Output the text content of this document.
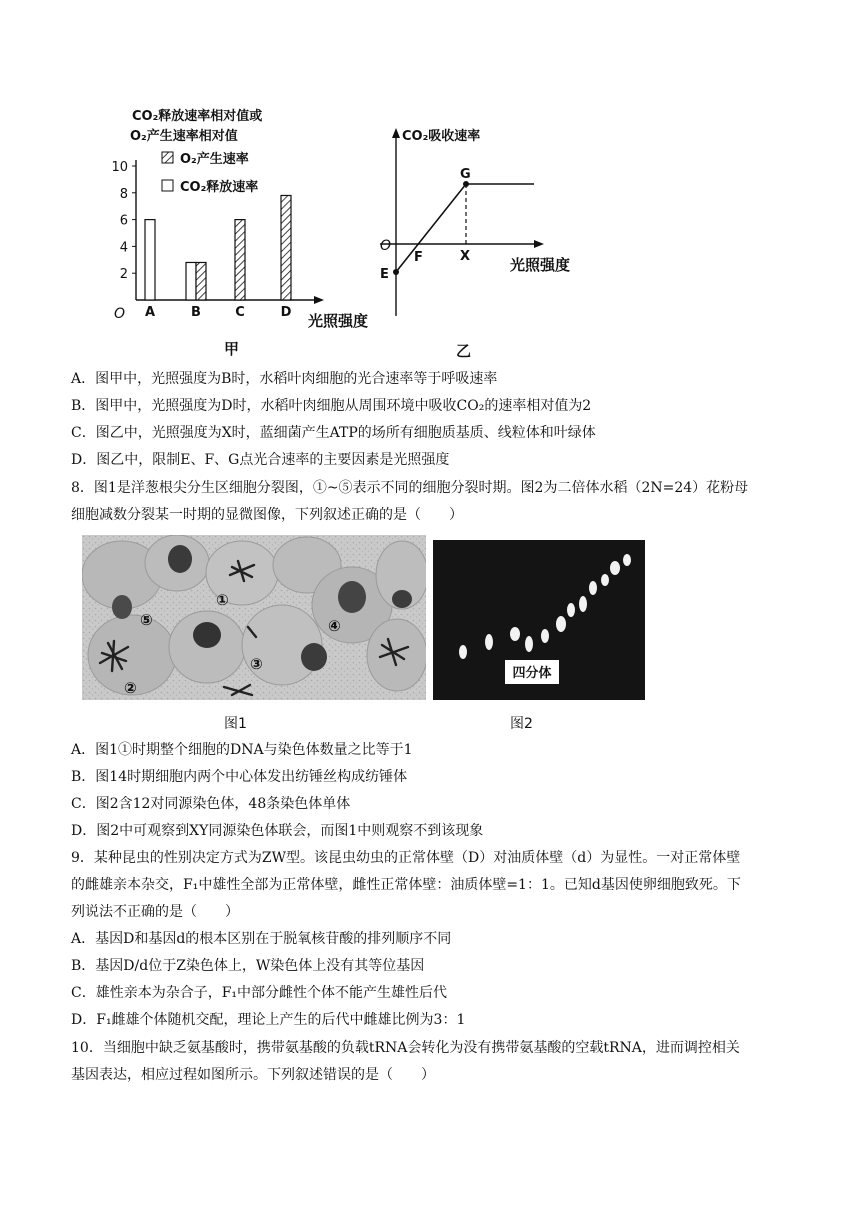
CO₂释放速率相对值或
O₂产生速率相对值
O₂产生速率
CO₂释放速率
2
4
6
8
10
A	B	C	D 光照强度
O
甲
CO₂吸收速率
O
E
F
G
X	光照强度
乙
A．图甲中，光照强度为B时，水稻叶肉细胞的光合速率等于呼吸速率
B．图甲中，光照强度为D时，水稻叶肉细胞从周围环境中吸收CO₂的速率相对值为2
C．图乙中，光照强度为X时，蓝细菌产生ATP的场所有细胞质基质、线粒体和叶绿体
D．图乙中，限制E、F、G点光合速率的主要因素是光照强度
8．图1是洋葱根尖分生区细胞分裂图，①~⑤表示不同的细胞分裂时期。图2为二倍体水稻（2N=24）花粉母
细胞减数分裂某一时期的显微图像，下列叙述正确的是（　　）
①
②
③
④
⑤
四分体
图1	图2
A．图1①时期整个细胞的DNA与染色体数量之比等于1
B．图14时期细胞内两个中心体发出纺锤丝构成纺锤体
C．图2含12对同源染色体，48条染色体单体
D．图2中可观察到XY同源染色体联会，而图1中则观察不到该现象
9．某种昆虫的性别决定方式为ZW型。该昆虫幼虫的正常体壁（D）对油质体壁（d）为显性。一对正常体壁
的雌雄亲本杂交，F₁中雄性全部为正常体壁，雌性正常体壁：油质体壁=1：1。已知d基因使卵细胞致死。下
列说法不正确的是（　　）
A．基因D和基因d的根本区别在于脱氧核苷酸的排列顺序不同
B．基因D/d位于Z染色体上，W染色体上没有其等位基因
C．雄性亲本为杂合子，F₁中部分雌性个体不能产生雄性后代
D．F₁雌雄个体随机交配，理论上产生的后代中雌雄比例为3：1
10．当细胞中缺乏氨基酸时，携带氨基酸的负载tRNA会转化为没有携带氨基酸的空载tRNA，进而调控相关
基因表达，相应过程如图所示。下列叙述错误的是（　　）
